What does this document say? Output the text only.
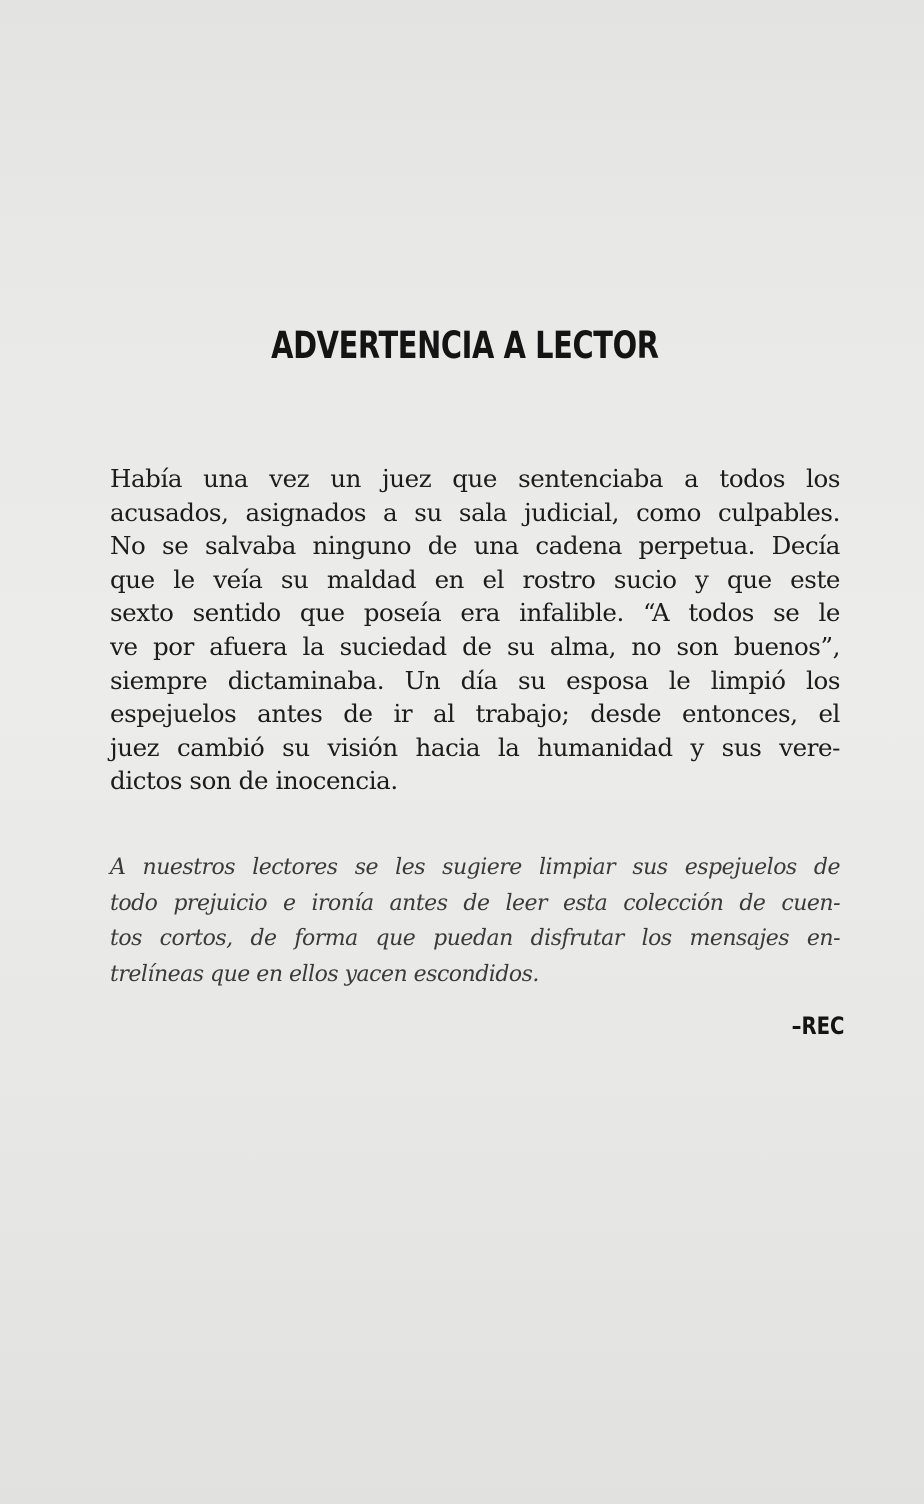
ADVERTENCIA A LECTOR
Había una vez un juez que sentenciaba a todos los
acusados, asignados a su sala judicial, como culpables.
No se salvaba ninguno de una cadena perpetua. Decía
que le veía su maldad en el rostro sucio y que este
sexto sentido que poseía era infalible. “A todos se le
ve por afuera la suciedad de su alma, no son buenos”,
siempre dictaminaba. Un día su esposa le limpió los
espejuelos antes de ir al trabajo; desde entonces, el
juez cambió su visión hacia la humanidad y sus vere-
dictos son de inocencia.
A nuestros lectores se les sugiere limpiar sus espejuelos de
todo prejuicio e ironía antes de leer esta colección de cuen-
tos cortos, de forma que puedan disfrutar los mensajes en-
trelíneas que en ellos yacen escondidos.

–REC
